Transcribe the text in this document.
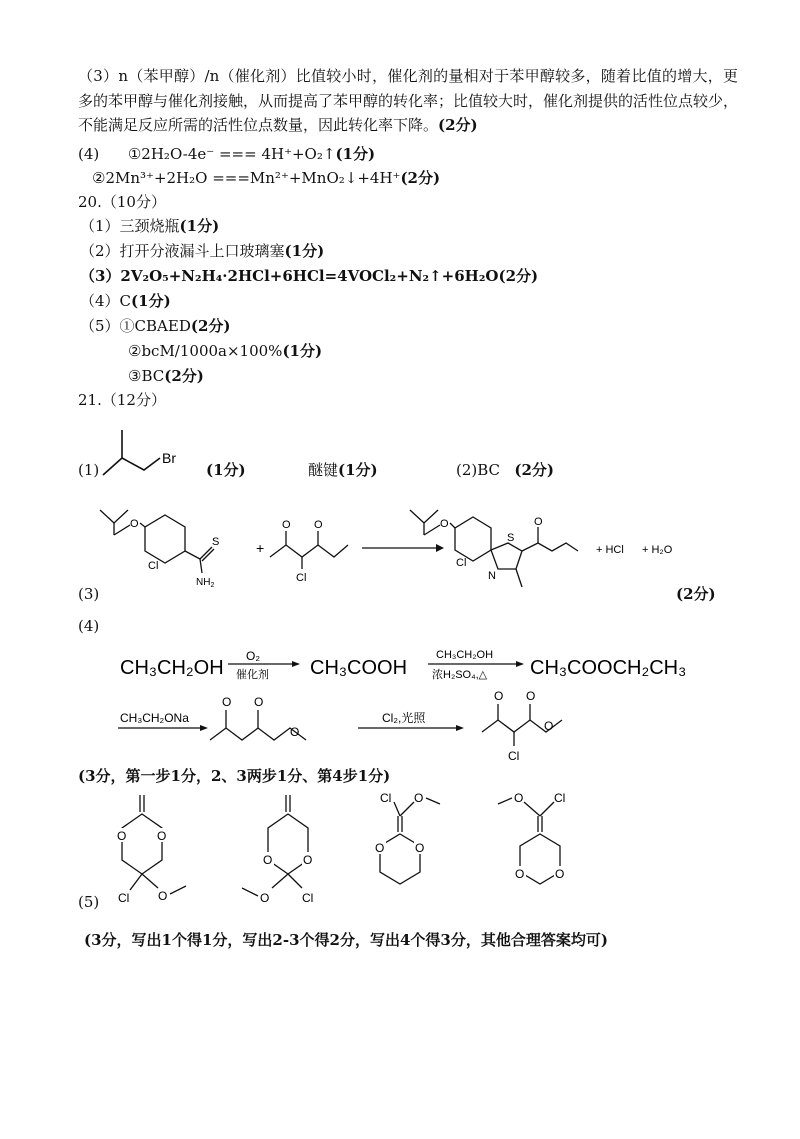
（3）n（苯甲醇）/n（催化剂）比值较小时，催化剂的量相对于苯甲醇较多，随着比值的增大，更多的苯甲醇与催化剂接触，从而提高了苯甲醇的转化率；比值较大时，催化剂提供的活性位点较少，不能满足反应所需的活性位点数量，因此转化率下降。(2分)
(4) ①2H₂O-4e⁻ === 4H⁺+O₂↑(1分)
②2Mn³⁺+2H₂O ===Mn²⁺+MnO₂↓+4H⁺(2分)
20.（10分）
（1）三颈烧瓶(1分)
（2）打开分液漏斗上口玻璃塞(1分)
（3）2V₂O₅+N₂H₄·2HCl+6HCl=4VOCl₂+N₂↑+6H₂O(2分)
（4）C(1分)
（5）①CBAED(2分)
②bcM/1000a×100%(1分)
③BC(2分)
21.（12分）
(1)
Br
(1分)	醚键(1分)	(2)BC (2分)
O
Cl
S
$NH_2$
+
O O
Cl
O
Cl
S
N
O
+ HCl + H₂O
(3)	(2分)
(4)
CH₃CH₂OH
O₂
催化剂 CH₃COOH
CH₃CH₂OH
浓H₂SO₄,△ CH₃COOCH₂CH₃
CH₃CH₂ONa
O O
O
Cl₂,光照
O O
O
Cl
(3分，第一步1分，2、3两步1分、第4步1分)
O	O
Cl O
O	O
O	Cl
Cl O
O	O
O	Cl
O	O
(5)
(3分，写出1个得1分，写出2-3个得2分，写出4个得3分，其他合理答案均可)
